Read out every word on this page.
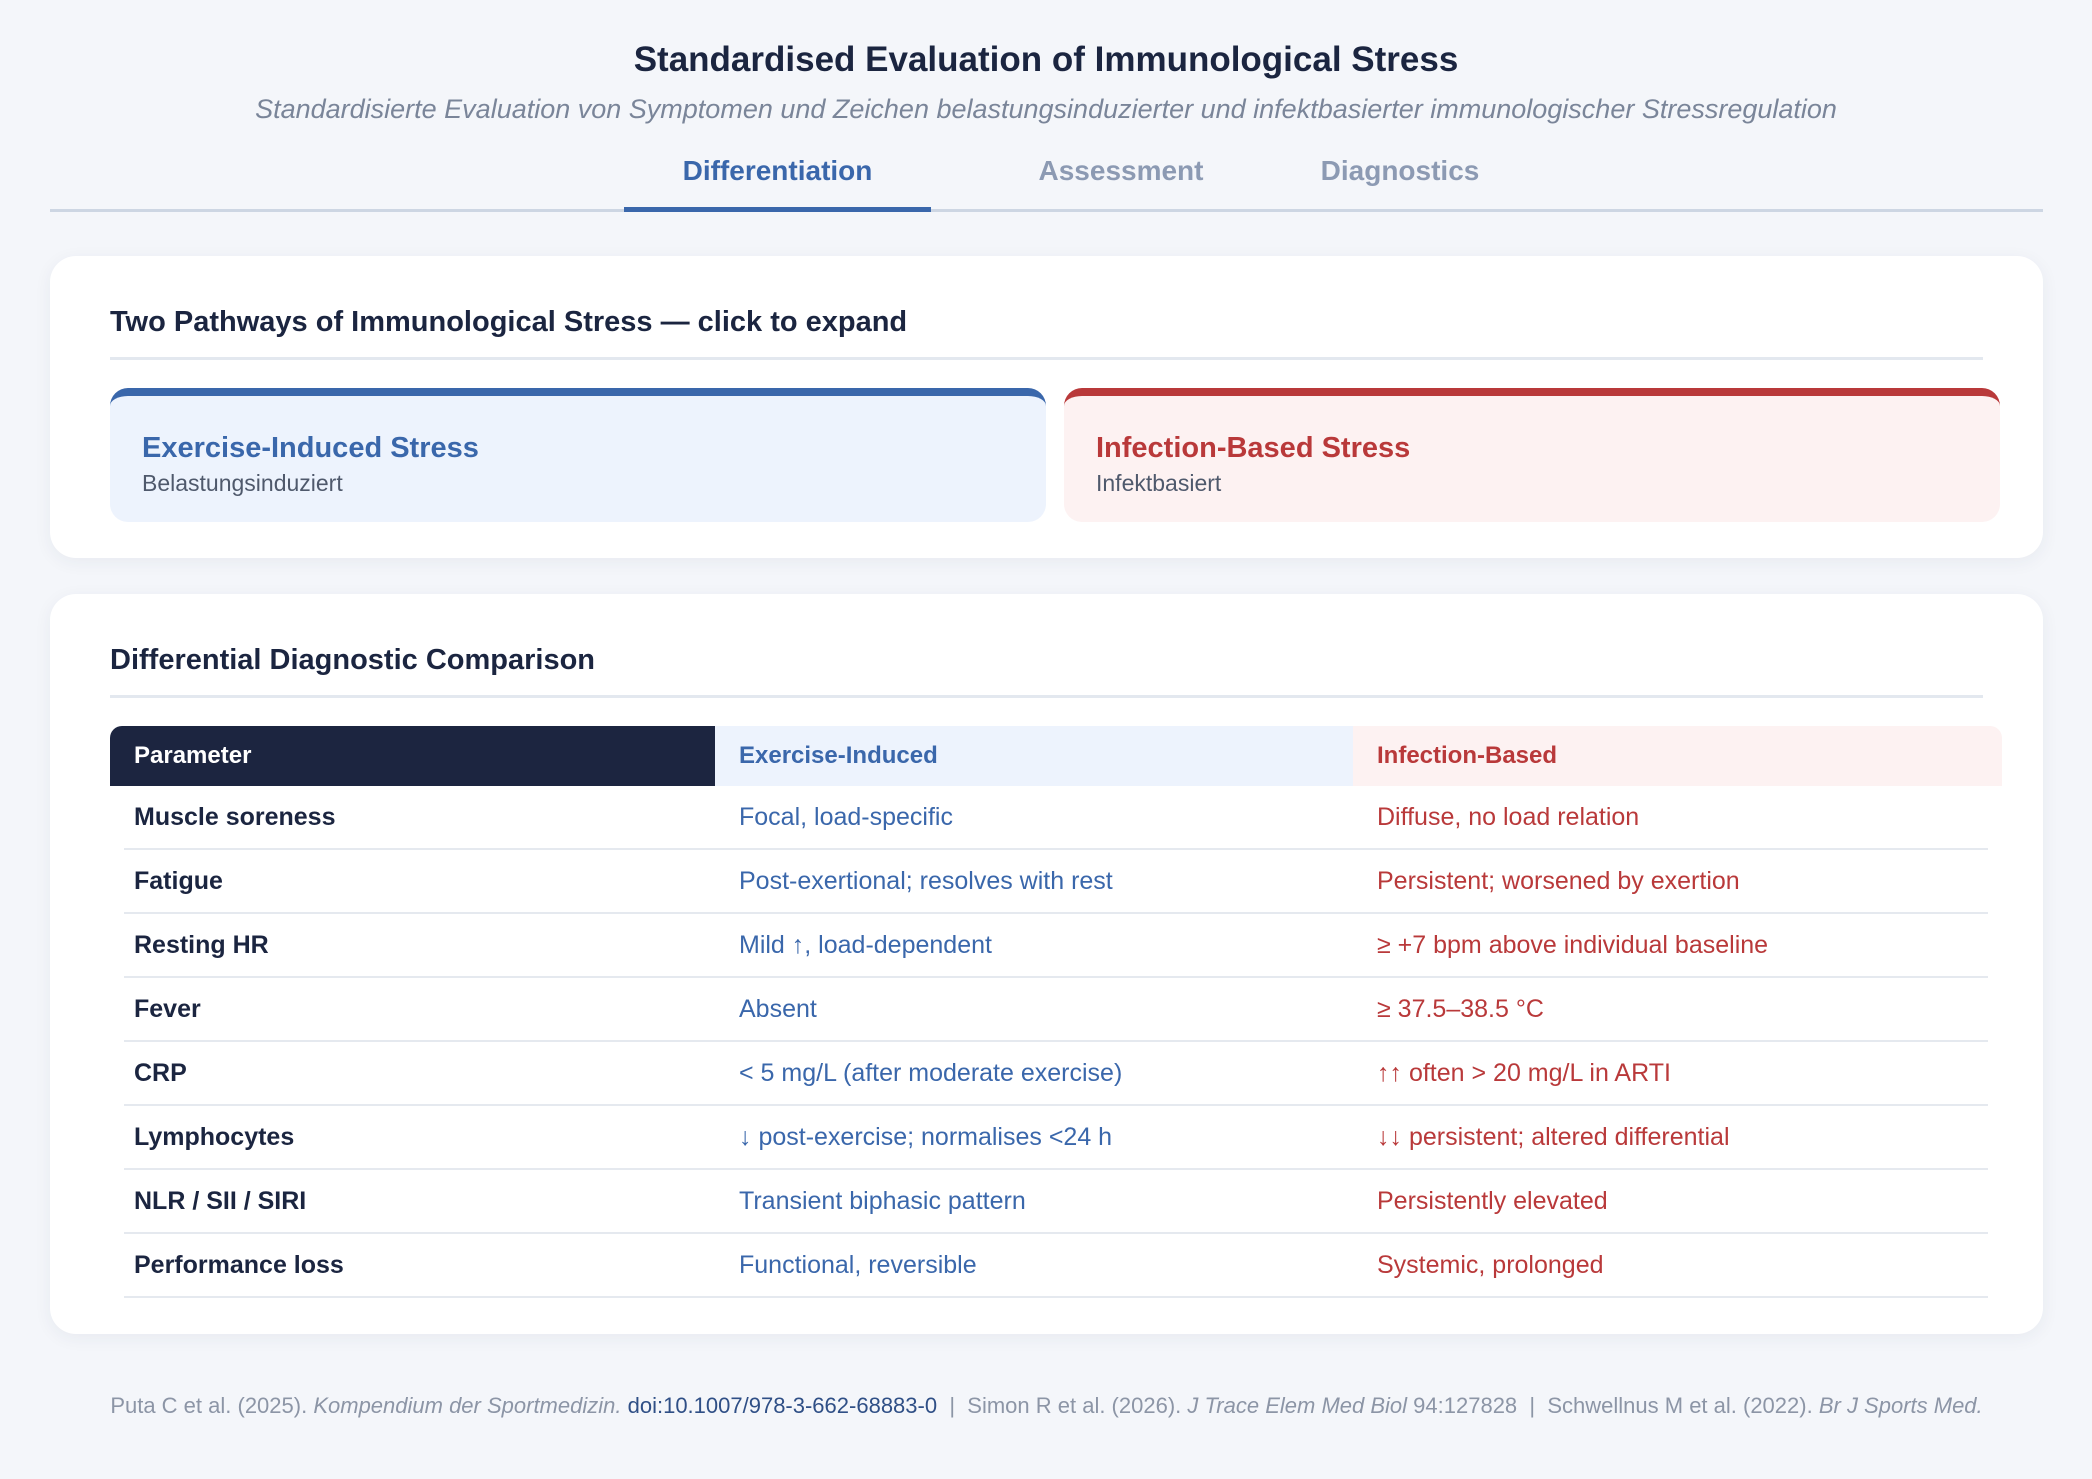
Standardised Evaluation of Immunological Stress
Standardisierte Evaluation von Symptomen und Zeichen belastungsinduzierter und infektbasierter immunologischer Stressregulation
Differentiation	Assessment	Diagnostics
Two Pathways of Immunological Stress — click to expand
Exercise-Induced Stress
Belastungsinduziert
Infection-Based Stress
Infektbasiert
Differential Diagnostic Comparison
Parameter	Exercise-Induced	Infection-Based
Muscle soreness	Focal, load-specific	Diffuse, no load relation
Fatigue	Post-exertional; resolves with rest	Persistent; worsened by exertion
Resting HR	Mild ↑, load-dependent	≥ +7 bpm above individual baseline
Fever	Absent	≥ 37.5–38.5 °C
CRP	< 5 mg/L (after moderate exercise)	↑↑ often > 20 mg/L in ARTI
Lymphocytes	↓ post-exercise; normalises <24 h	↓↓ persistent; altered differential
NLR / SII / SIRI	Transient biphasic pattern	Persistently elevated
Performance loss	Functional, reversible	Systemic, prolonged
Puta C et al. (2025). Kompendium der Sportmedizin. doi:10.1007/978-3-662-68883-0 | Simon R et al. (2026). J Trace Elem Med Biol 94:127828 | Schwellnus M et al. (2022). Br J Sports Med.
